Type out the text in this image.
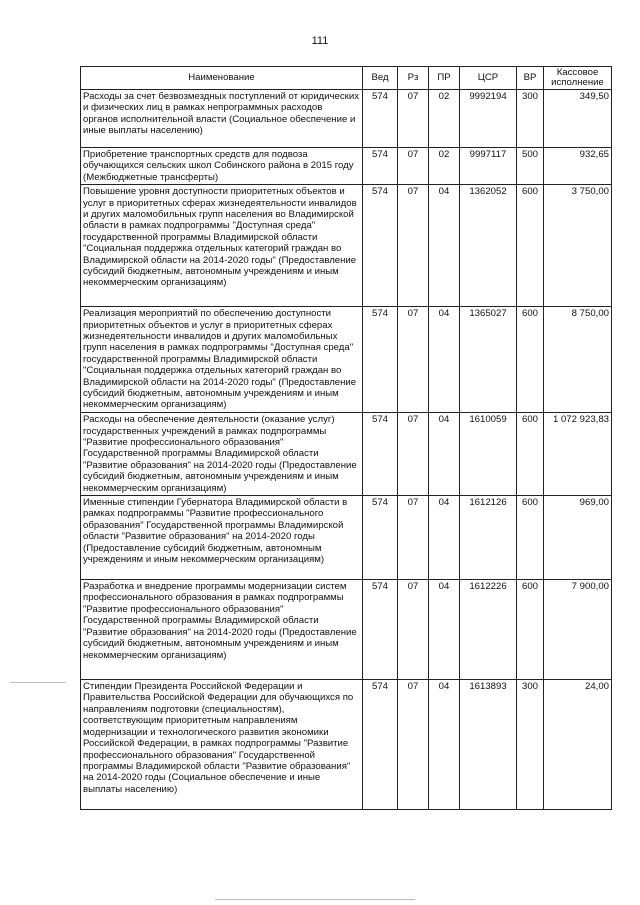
111
Наименование	Вед	Рз	ПР	ЦСР	ВР	Кассовое исполнение
Расходы за счет безвозмездных поступлений от юридических и физических лиц в рамках непрограммных расходов органов исполнительной власти (Социальное обеспечение и иные выплаты населению)	574	07	02	9992194	300	349,50
Приобретение транспортных средств для подвоза обучающихся сельских школ Собинского района в 2015 году (Межбюджетные трансферты)	574	07	02	9997117	500	932,65
Повышение уровня доступности приоритетных объектов и услуг в приоритетных сферах жизнедеятельности инвалидов и других маломобильных групп населения во Владимирской области в рамках подпрограммы "Доступная среда" государственной программы Владимирской области "Социальная поддержка отдельных категорий граждан во Владимирской области на 2014-2020 годы" (Предоставление субсидий бюджетным, автономным учреждениям и иным некоммерческим организациям)	574	07	04	1362052	600	3 750,00
Реализация мероприятий по обеспечению доступности приоритетных объектов и услуг в приоритетных сферах жизнедеятельности инвалидов и других маломобильных групп населения в рамках подпрограммы "Доступная среда" государственной программы Владимирской области "Социальная поддержка отдельных категорий граждан во Владимирской области на 2014-2020 годы" (Предоставление субсидий бюджетным, автономным учреждениям и иным некоммерческим организациям)	574	07	04	1365027	600	8 750,00
Расходы на обеспечение деятельности (оказание услуг) государственных учреждений в рамках подпрограммы "Развитие профессионального образования" Государственной программы Владимирской области "Развитие образования" на 2014-2020 годы (Предоставление субсидий бюджетным, автономным учреждениям и иным некоммерческим организациям)	574	07	04	1610059	600	1 072 923,83
Именные стипендии Губернатора Владимирской области в рамках подпрограммы "Развитие профессионального образования" Государственной программы Владимирской области "Развитие образования" на 2014-2020 годы (Предоставление субсидий бюджетным, автономным учреждениям и иным некоммерческим организациям)	574	07	04	1612126	600	969,00
Разработка и внедрение программы модернизации систем профессионального образования в рамках подпрограммы "Развитие профессионального образования" Государственной программы Владимирской области "Развитие образования" на 2014-2020 годы (Предоставление субсидий бюджетным, автономным учреждениям и иным некоммерческим организациям)	574	07	04	1612226	600	7 900,00
Стипендии Президента Российской Федерации и Правительства Российской Федерации для обучающихся по направлениям подготовки (специальностям), соответствующим приоритетным направлениям модернизации и технологического развития экономики Российской Федерации, в рамках подпрограммы "Развитие профессионального образования" Государственной программы Владимирской области "Развитие образования" на 2014-2020 годы (Социальное обеспечение и иные выплаты населению)	574	07	04	1613893	300	24,00
